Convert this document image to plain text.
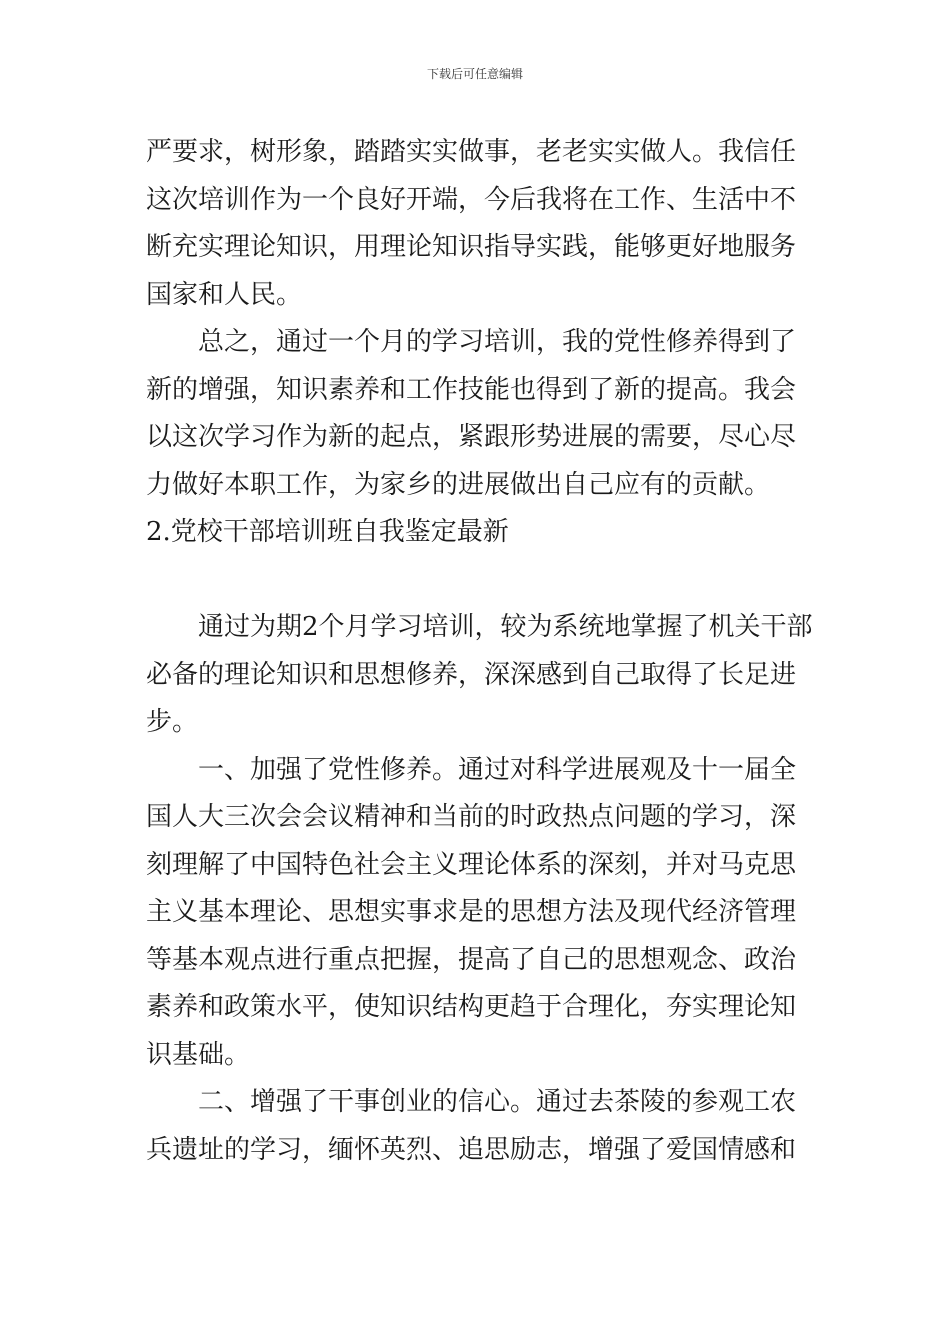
下载后可任意编辑
严要求，树形象，踏踏实实做事，老老实实做人。我信任
这次培训作为一个良好开端，今后我将在工作、生活中不
断充实理论知识，用理论知识指导实践，能够更好地服务
国家和人民。
　　总之，通过一个月的学习培训，我的党性修养得到了
新的增强，知识素养和工作技能也得到了新的提高。我会
以这次学习作为新的起点，紧跟形势进展的需要，尽心尽
力做好本职工作，为家乡的进展做出自己应有的贡献。
2.党校干部培训班自我鉴定最新
　　通过为期2个月学习培训，较为系统地掌握了机关干部
必备的理论知识和思想修养，深深感到自己取得了长足进
步。
　　一、加强了党性修养。通过对科学进展观及十一届全
国人大三次会会议精神和当前的时政热点问题的学习，深
刻理解了中国特色社会主义理论体系的深刻，并对马克思
主义基本理论、思想实事求是的思想方法及现代经济管理
等基本观点进行重点把握，提高了自己的思想观念、政治
素养和政策水平，使知识结构更趋于合理化，夯实理论知
识基础。
　　二、增强了干事创业的信心。通过去茶陵的参观工农
兵遗址的学习，缅怀英烈、追思励志，增强了爱国情感和
